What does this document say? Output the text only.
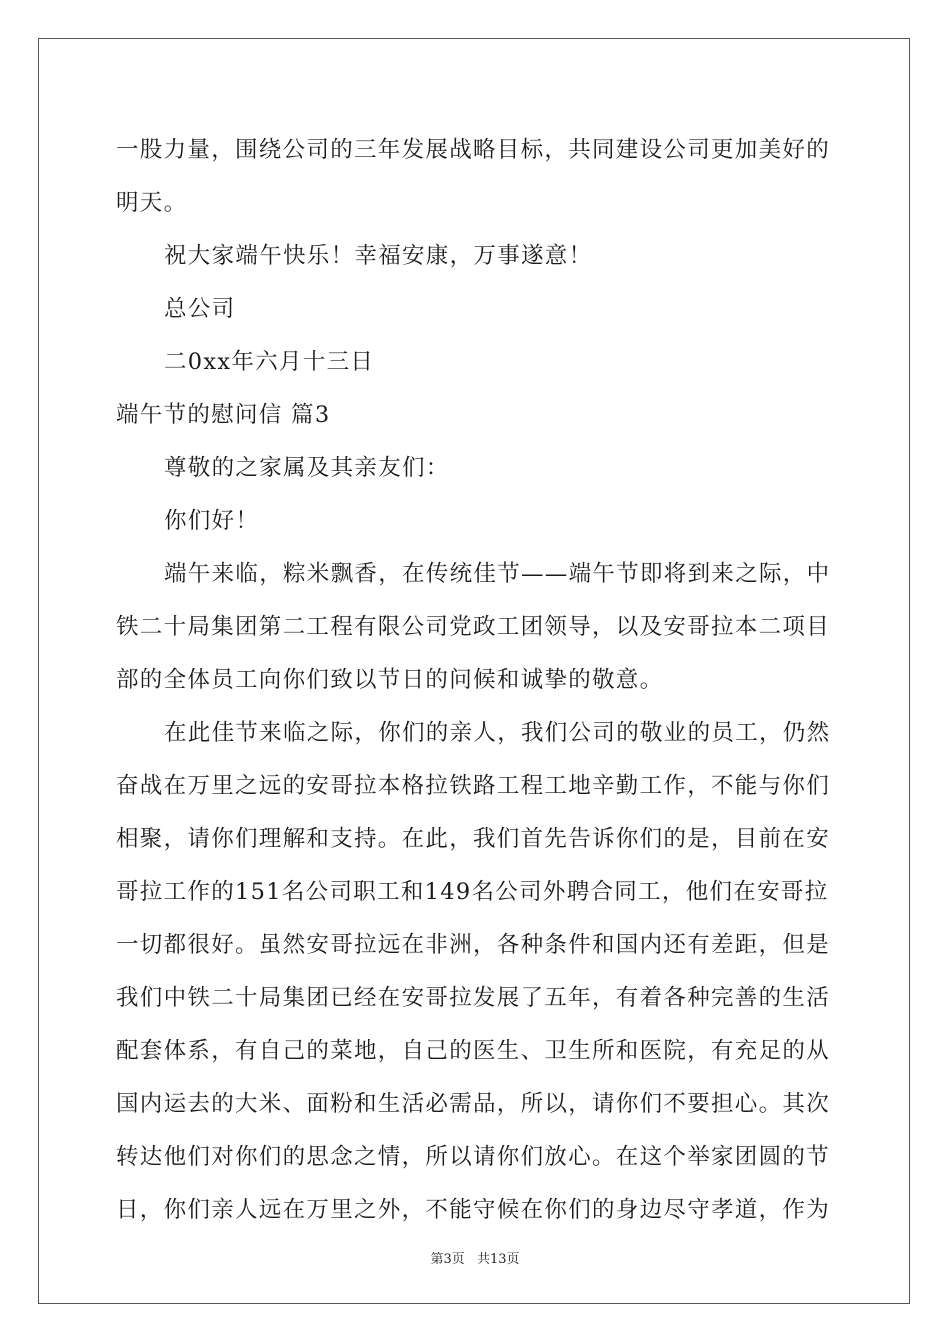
一股力量，围绕公司的三年发展战略目标，共同建设公司更加美好的明天。

祝大家端午快乐！幸福安康，万事遂意！

总公司

二0xx年六月十三日

端午节的慰问信 篇3

尊敬的之家属及其亲友们：

你们好！

端午来临，粽米飘香，在传统佳节——端午节即将到来之际，中铁二十局集团第二工程有限公司党政工团领导，以及安哥拉本二项目部的全体员工向你们致以节日的问候和诚挚的敬意。

在此佳节来临之际，你们的亲人，我们公司的敬业的员工，仍然奋战在万里之远的安哥拉本格拉铁路工程工地辛勤工作，不能与你们相聚，请你们理解和支持。在此，我们首先告诉你们的是，目前在安哥拉工作的151名公司职工和149名公司外聘合同工，他们在安哥拉一切都很好。虽然安哥拉远在非洲，各种条件和国内还有差距，但是我们中铁二十局集团已经在安哥拉发展了五年，有着各种完善的生活配套体系，有自己的菜地，自己的医生、卫生所和医院，有充足的从国内运去的大米、面粉和生活必需品，所以，请你们不要担心。其次转达他们对你们的思念之情，所以请你们放心。在这个举家团圆的节日，你们亲人远在万里之外，不能守候在你们的身边尽守孝道，作为

第3页 共13页
